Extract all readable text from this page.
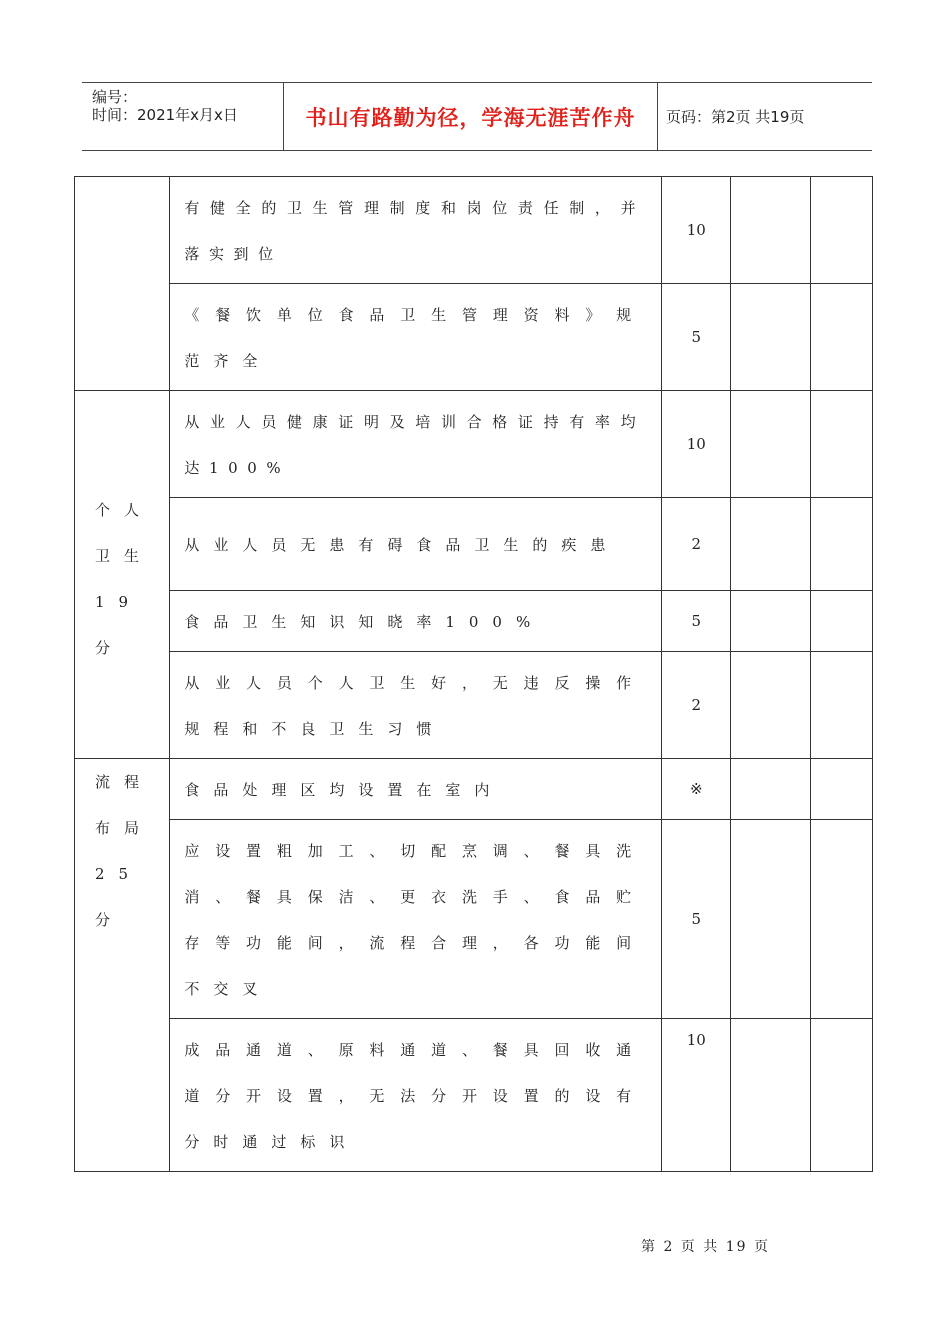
编号：
时间：2021年x月x日	书山有路勤为径，学海无涯苦作舟	页码：第2页 共19页

	有健全的卫生管理制度和岗位责任制，并落实到位	10		

	《餐饮单位食品卫生管理资料》规范齐全	5		

个人
卫生
19 分	从业人员健康证明及培训合格证持有率均达100%	10		

	从业人员无患有碍食品卫生的疾患	2		

	食品卫生知识知晓率100%	5		

	从业人员个人卫生好，无违反操作规程和不良卫生习惯	2		

流程
布局
25 分	食品处理区均设置在室内	※		

	应设置粗加工、切配烹调、餐具洗消、餐具保洁、更衣洗手、食品贮存等功能间，流程合理，各功能间不交叉	5		

	成品通道、原料通道、餐具回收通道分开设置，无法分开设置的设有分时通过标识	10		
第 2 页 共 19 页
